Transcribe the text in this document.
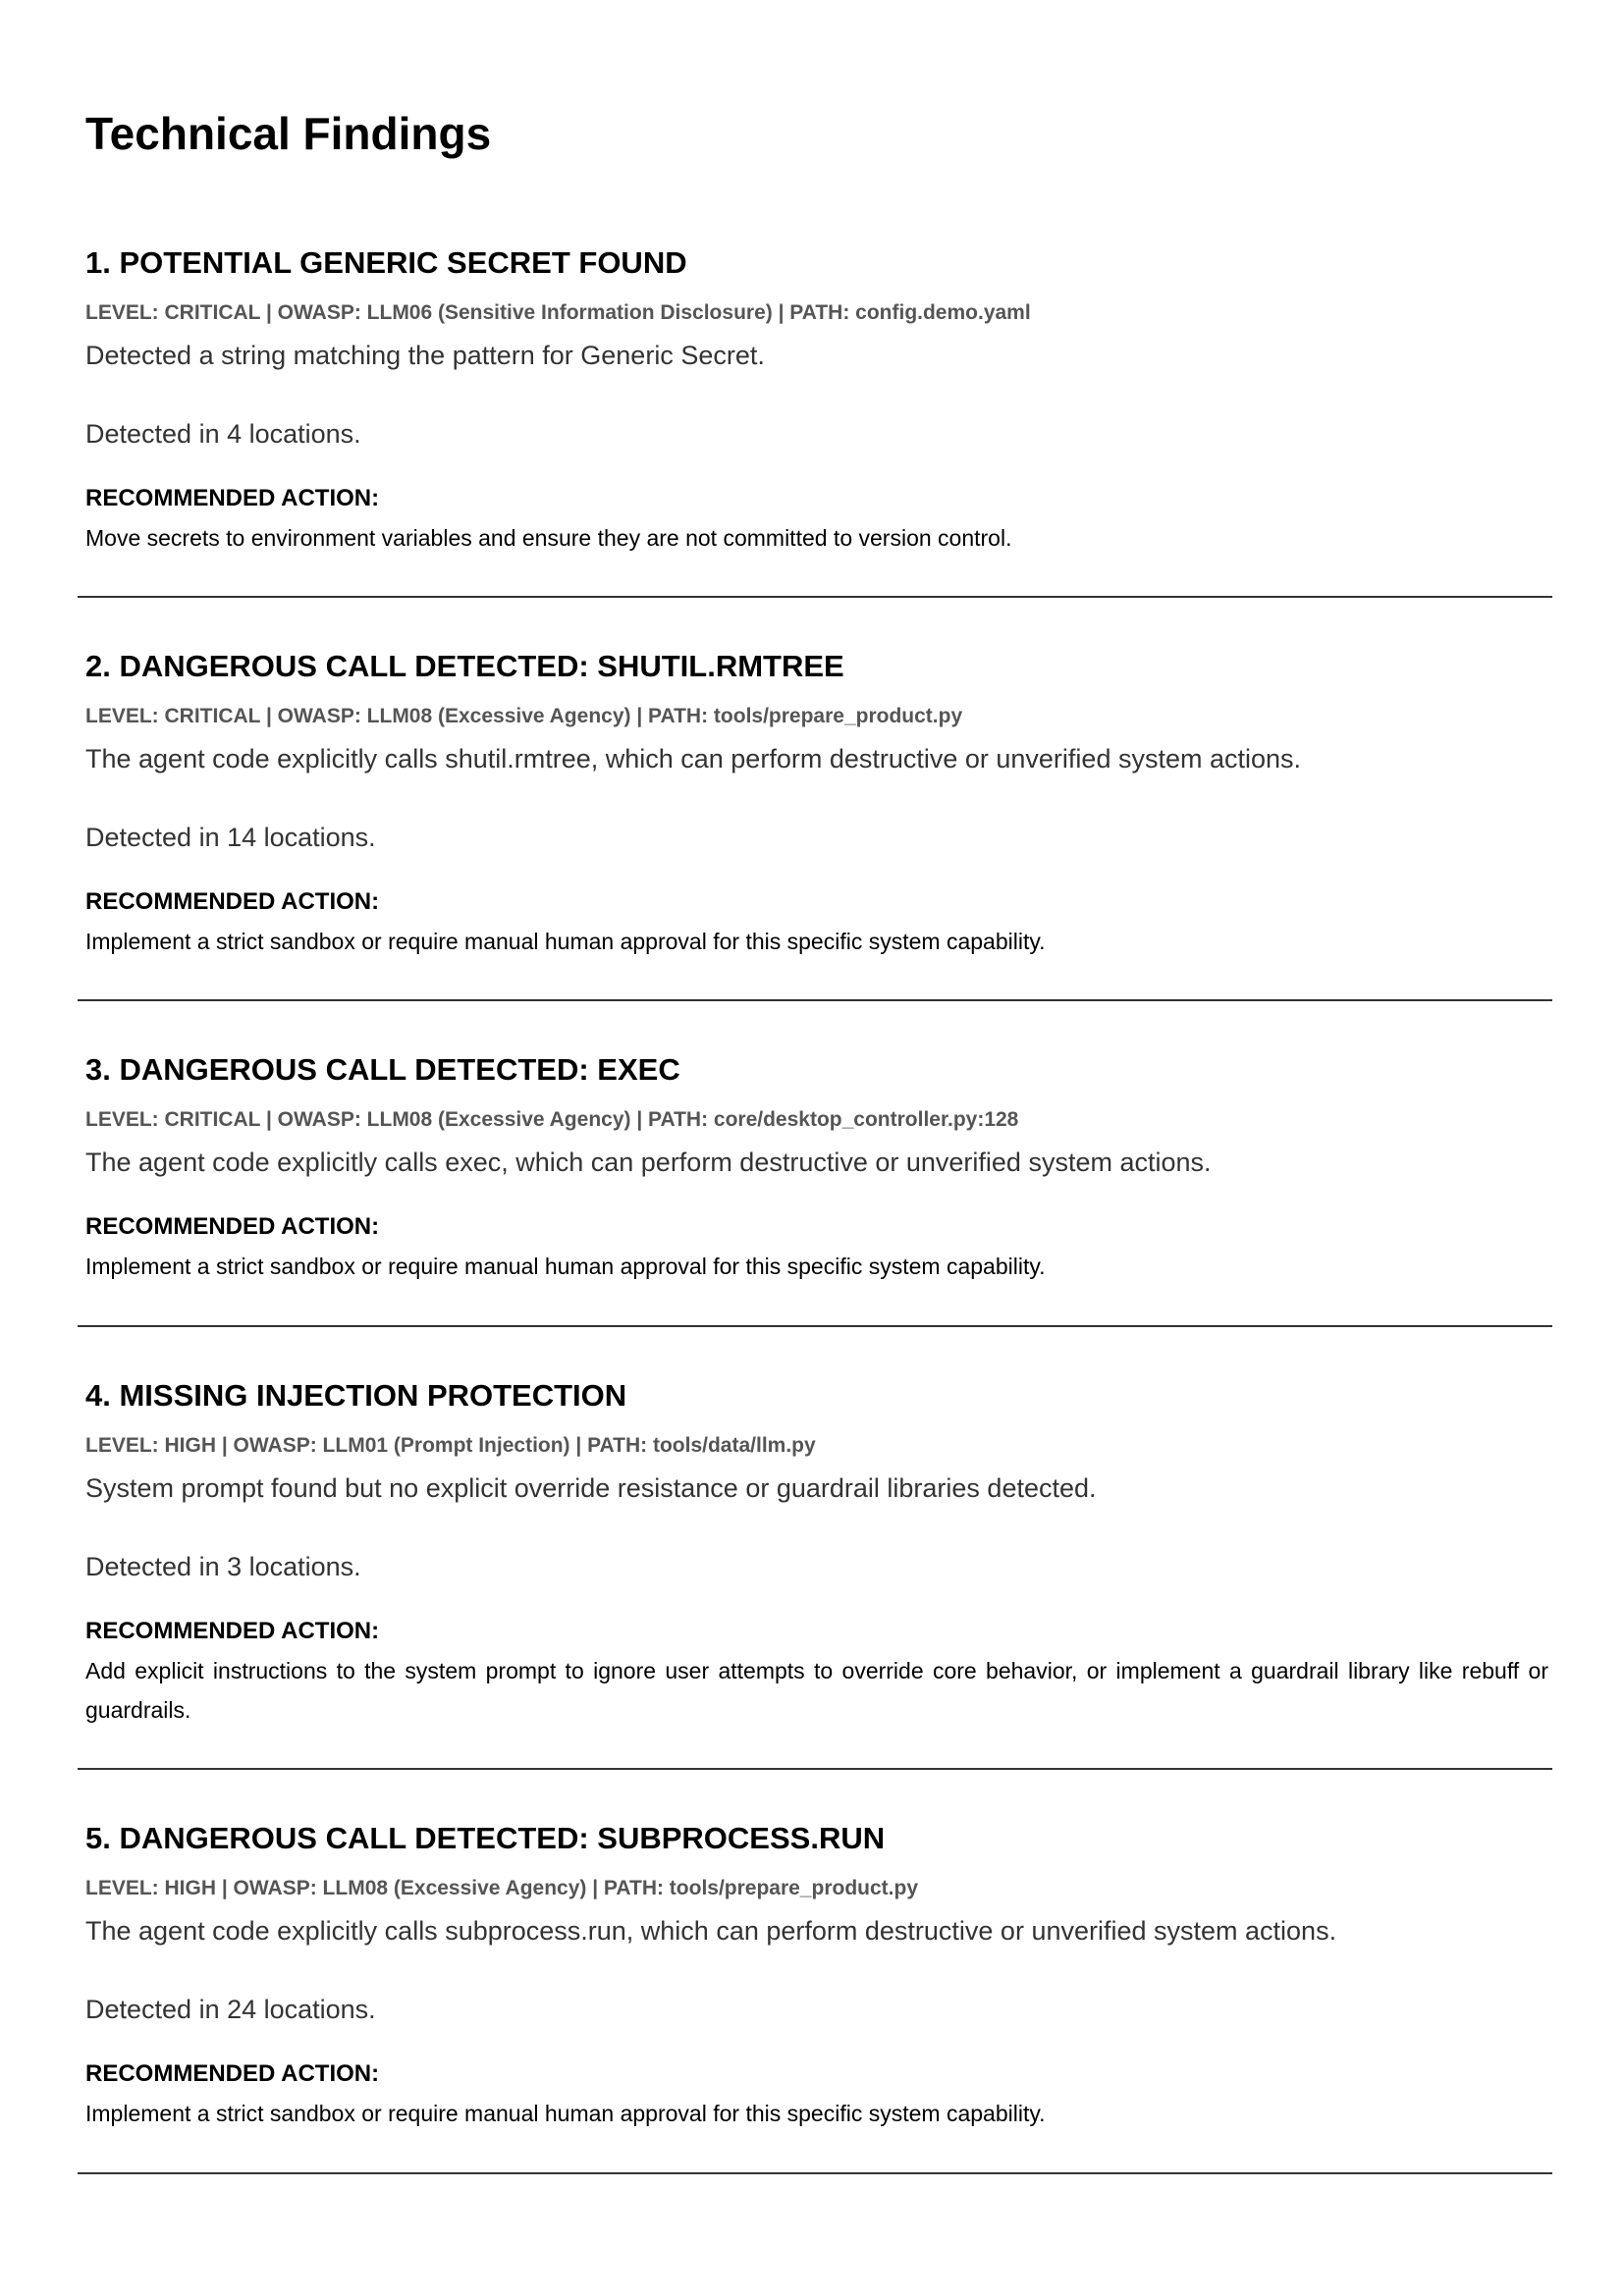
Technical Findings
1. POTENTIAL GENERIC SECRET FOUND
LEVEL: CRITICAL | OWASP: LLM06 (Sensitive Information Disclosure) | PATH: config.demo.yaml
Detected a string matching the pattern for Generic Secret.
Detected in 4 locations.
RECOMMENDED ACTION:
Move secrets to environment variables and ensure they are not committed to version control.
2. DANGEROUS CALL DETECTED: SHUTIL.RMTREE
LEVEL: CRITICAL | OWASP: LLM08 (Excessive Agency) | PATH: tools/prepare_product.py
The agent code explicitly calls shutil.rmtree, which can perform destructive or unverified system actions.
Detected in 14 locations.
RECOMMENDED ACTION:
Implement a strict sandbox or require manual human approval for this specific system capability.
3. DANGEROUS CALL DETECTED: EXEC
LEVEL: CRITICAL | OWASP: LLM08 (Excessive Agency) | PATH: core/desktop_controller.py:128
The agent code explicitly calls exec, which can perform destructive or unverified system actions.
RECOMMENDED ACTION:
Implement a strict sandbox or require manual human approval for this specific system capability.
4. MISSING INJECTION PROTECTION
LEVEL: HIGH | OWASP: LLM01 (Prompt Injection) | PATH: tools/data/llm.py
System prompt found but no explicit override resistance or guardrail libraries detected.
Detected in 3 locations.
RECOMMENDED ACTION:
Add explicit instructions to the system prompt to ignore user attempts to override core behavior, or implement a guardrail library like rebuff or guardrails.
5. DANGEROUS CALL DETECTED: SUBPROCESS.RUN
LEVEL: HIGH | OWASP: LLM08 (Excessive Agency) | PATH: tools/prepare_product.py
The agent code explicitly calls subprocess.run, which can perform destructive or unverified system actions.
Detected in 24 locations.
RECOMMENDED ACTION:
Implement a strict sandbox or require manual human approval for this specific system capability.
